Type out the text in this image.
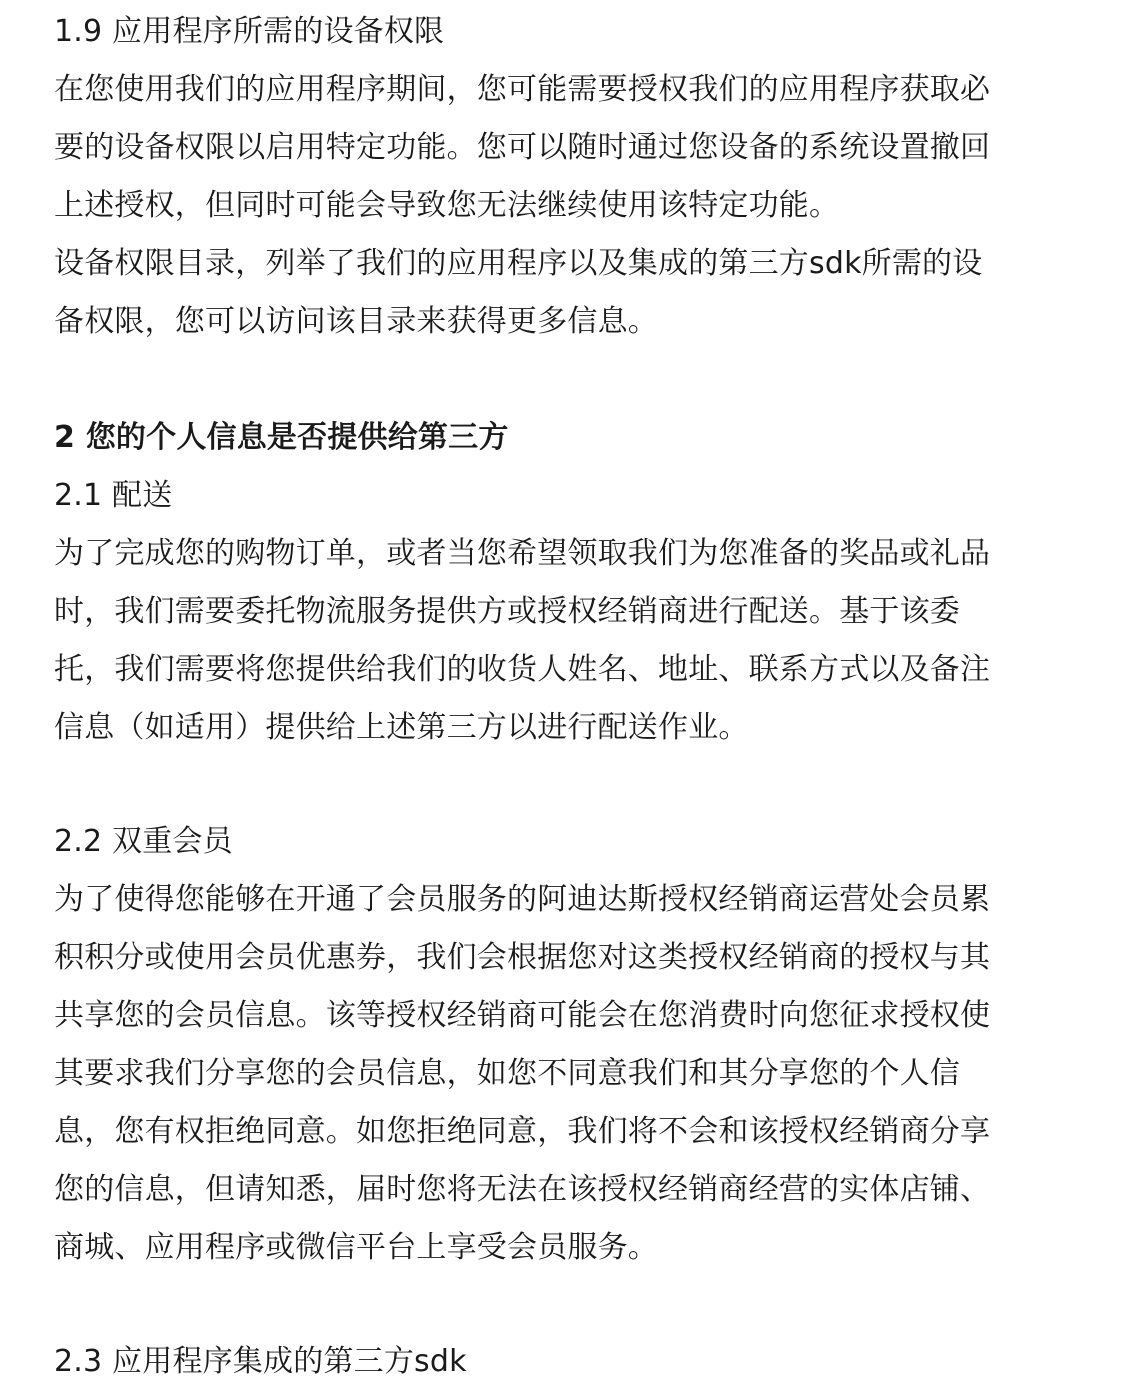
1.9 应用程序所需的设备权限
在您使用我们的应用程序期间，您可能需要授权我们的应用程序获取必
要的设备权限以启用特定功能。您可以随时通过您设备的系统设置撤回
上述授权，但同时可能会导致您无法继续使用该特定功能。
设备权限目录，列举了我们的应用程序以及集成的第三方sdk所需的设
备权限，您可以访问该目录来获得更多信息。
2 您的个人信息是否提供给第三方
2.1 配送
为了完成您的购物订单，或者当您希望领取我们为您准备的奖品或礼品
时，我们需要委托物流服务提供方或授权经销商进行配送。基于该委
托，我们需要将您提供给我们的收货人姓名、地址、联系方式以及备注
信息（如适用）提供给上述第三方以进行配送作业。
2.2 双重会员
为了使得您能够在开通了会员服务的阿迪达斯授权经销商运营处会员累
积积分或使用会员优惠券，我们会根据您对这类授权经销商的授权与其
共享您的会员信息。该等授权经销商可能会在您消费时向您征求授权使
其要求我们分享您的会员信息，如您不同意我们和其分享您的个人信
息，您有权拒绝同意。如您拒绝同意，我们将不会和该授权经销商分享
您的信息，但请知悉，届时您将无法在该授权经销商经营的实体店铺、
商城、应用程序或微信平台上享受会员服务。
2.3 应用程序集成的第三方sdk
